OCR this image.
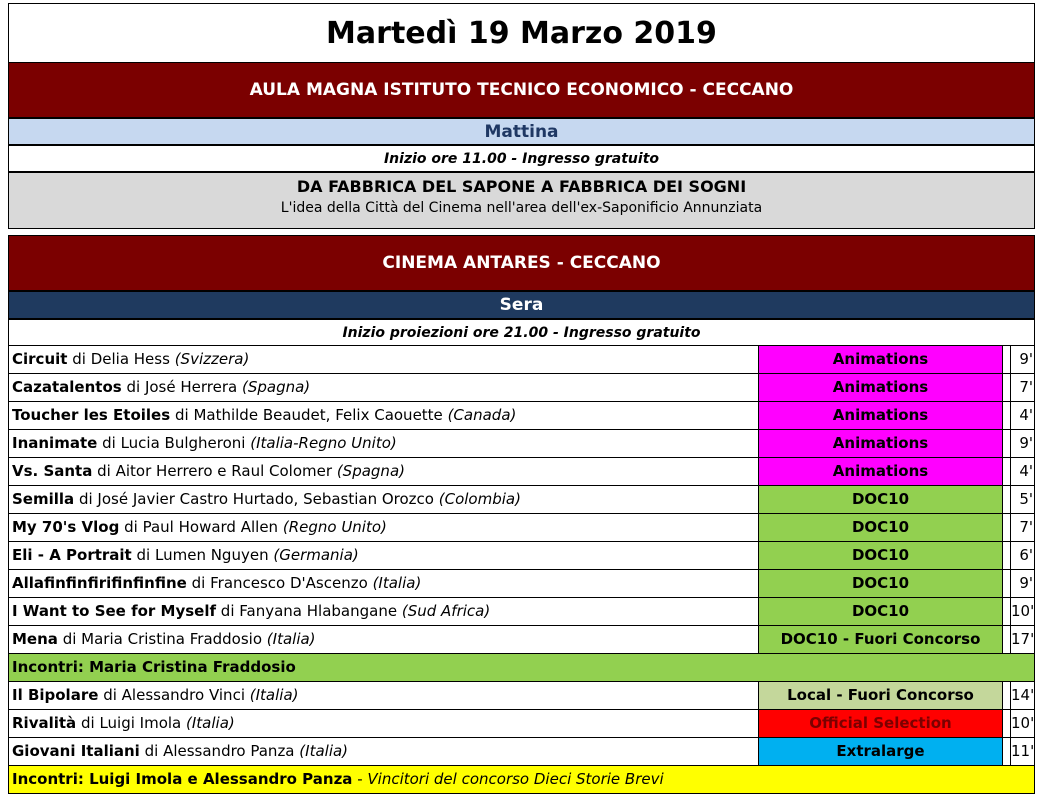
Martedì 19 Marzo 2019
AULA MAGNA ISTITUTO TECNICO ECONOMICO - CECCANO
Mattina
Inizio ore 11.00 - Ingresso gratuito
DA FABBRICA DEL SAPONE A FABBRICA DEI SOGNI
L'idea della Città del Cinema nell'area dell'ex-Saponificio Annunziata
CINEMA ANTARES - CECCANO
Sera
Inizio proiezioni ore 21.00 - Ingresso gratuito
Circuit di Delia Hess (Svizzera)	Animations	9'
Cazatalentos di José Herrera (Spagna)	Animations	7'
Toucher les Etoiles di Mathilde Beaudet, Felix Caouette (Canada)	Animations	4'
Inanimate di Lucia Bulgheroni (Italia-Regno Unito)	Animations	9'
Vs. Santa di Aitor Herrero e Raul Colomer (Spagna)	Animations	4'
Semilla di José Javier Castro Hurtado, Sebastian Orozco (Colombia)	DOC10	5'
My 70's Vlog di Paul Howard Allen (Regno Unito)	DOC10	7'
Eli - A Portrait di Lumen Nguyen (Germania)	DOC10	6'
Allafinfinfirifinfinfine di Francesco D'Ascenzo (Italia)	DOC10	9'
I Want to See for Myself di Fanyana Hlabangane (Sud Africa)	DOC10	10'
Mena di Maria Cristina Fraddosio (Italia)	DOC10 - Fuori Concorso	17'
Incontri: Maria Cristina Fraddosio
Il Bipolare di Alessandro Vinci (Italia)	Local - Fuori Concorso	14'
Rivalità di Luigi Imola (Italia)	Official Selection	10'
Giovani Italiani di Alessandro Panza (Italia)	Extralarge	11'
Incontri: Luigi Imola e Alessandro Panza - Vincitori del concorso Dieci Storie Brevi
